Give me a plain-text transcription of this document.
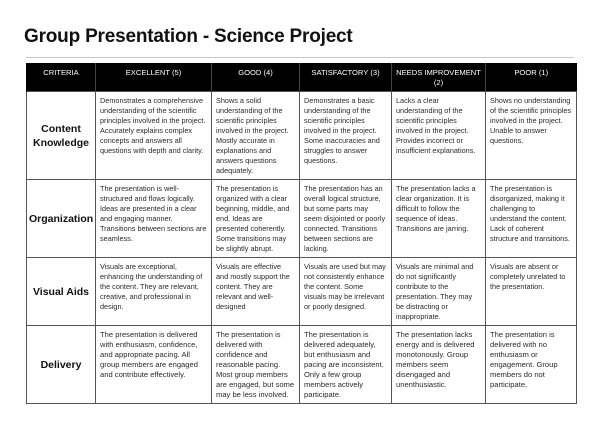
Group Presentation - Science Project
CRITERIA	EXCELLENT (5)	GOOD (4)	SATISFACTORY (3)	NEEDS IMPROVEMENT (2)	POOR (1)
Content Knowledge	Demonstrates a comprehensive understanding of the scientific principles involved in the project. Accurately explains complex concepts and answers all questions with depth and clarity.	Shows a solid understanding of the scientific principles involved in the project. Mostly accurate in explanations and answers questions adequately.	Demonstrates a basic understanding of the scientific principles involved in the project. Some inaccuracies and struggles to answer questions.	Lacks a clear understanding of the scientific principles involved in the project. Provides incorrect or insufficient explanations.	Shows no understanding of the scientific principles involved in the project. Unable to answer questions.
Organization	The presentation is well-structured and flows logically. Ideas are presented in a clear and engaging manner. Transitions between sections are seamless.	The presentation is organized with a clear beginning, middle, and end. Ideas are presented coherently. Some transitions may be slightly abrupt.	The presentation has an overall logical structure, but some parts may seem disjointed or poorly connected. Transitions between sections are lacking.	The presentation lacks a clear organization. It is difficult to follow the sequence of ideas. Transitions are jarring.	The presentation is disorganized, making it challenging to understand the content. Lack of coherent structure and transitions.
Visual Aids	Visuals are exceptional, enhancing the understanding of the content. They are relevant, creative, and professional in design.	Visuals are effective and mostly support the content. They are relevant and well-designed	Visuals are used but may not consistently enhance the content. Some visuals may be irrelevant or poorly designed.	Visuals are minimal and do not significantly contribute to the presentation. They may be distracting or inappropriate.	Visuals are absent or completely unrelated to the presentation.
Delivery	The presentation is delivered with enthusiasm, confidence, and appropriate pacing. All group members are engaged and contribute effectively.	The presentation is delivered with confidence and reasonable pacing. Most group members are engaged, but some may be less involved.	The presentation is delivered adequately, but enthusiasm and pacing are inconsistent. Only a few group members actively participate.	The presentation lacks energy and is delivered monotonously. Group members seem disengaged and unenthusiastic.	The presentation is delivered with no enthusiasm or engagement. Group members do not participate.
